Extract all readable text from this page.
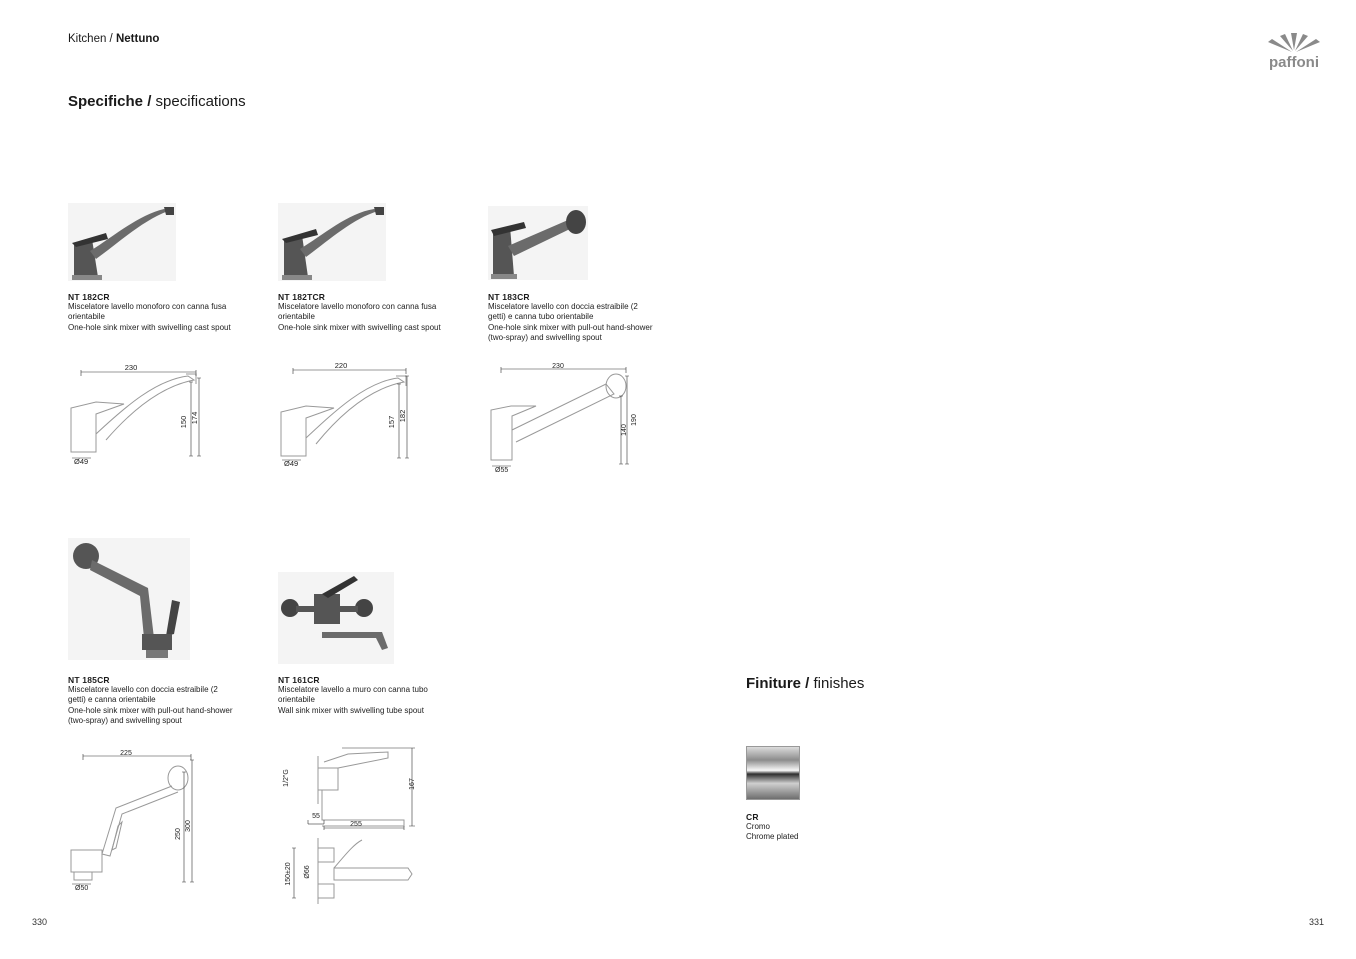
Kitchen / Nettuno
paffoni
Specifiche / specifications
NT 182CR
Miscelatore lavello monoforo con canna fusa orientabile
One-hole sink mixer with swivelling cast spout
230
150 174
Ø49
NT 182TCR
Miscelatore lavello monoforo con canna fusa orientabile
One-hole sink mixer with swivelling cast spout
220
157 182
Ø49
NT 183CR
Miscelatore lavello con doccia estraibile (2 getti) e canna tubo orientabile
One-hole sink mixer with pull-out hand-shower (two-spray) and swivelling spout
230
140
190
Ø55
NT 185CR
Miscelatore lavello con doccia estraibile (2 getti) e canna orientabile
One-hole sink mixer with pull-out hand-shower (two-spray) and swivelling spout
225
250
300
Ø50
NT 161CR
Miscelatore lavello a muro con canna tubo orientabile
Wall sink mixer with swivelling tube spout
1/2"G	167
55
255
150±20 Ø66
Finiture / finishes
CR
Cromo
Chrome plated
330	331
